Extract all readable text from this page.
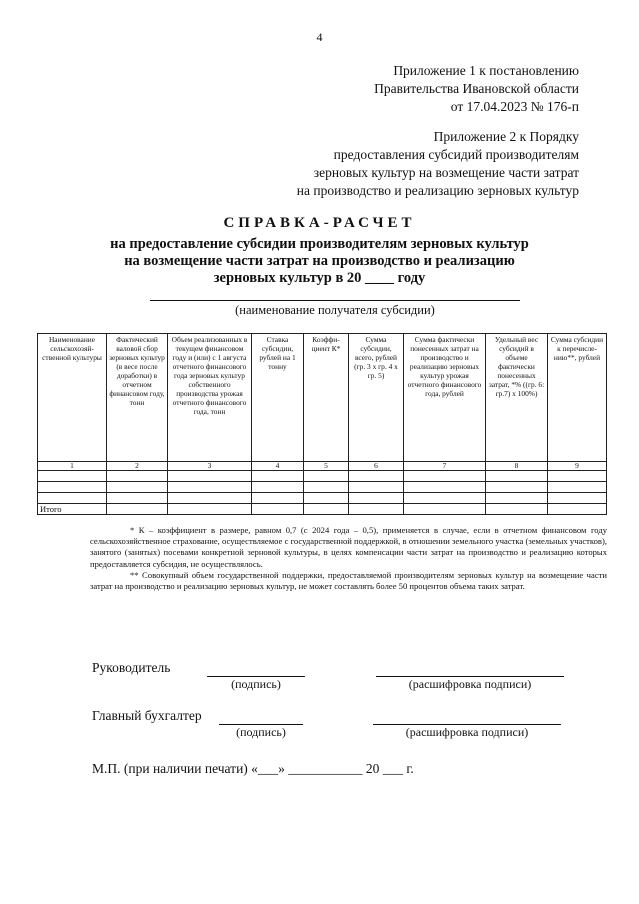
4
Приложение 1 к постановлению
Правительства Ивановской области
от 17.04.2023 № 176-п
Приложение 2 к Порядку
предоставления субсидий производителям
зерновых культур на возмещение части затрат
на производство и реализацию зерновых культур
СПРАВКА-РАСЧЕТ
на предоставление субсидии производителям зерновых культур
на возмещение части затрат на производство и реализацию
зерновых культур в 20 ____ году
(наименование получателя субсидии)
Наименование сельскохозяй-ственной культуры	Фактический валовой сбор зерновых культур (в весе после доработки) в отчетном финансовом году, тонн	Объем реализованных в текущем финансовом году и (или) с 1 августа отчетного финансового года зерновых культур собственного производства урожая отчетного финансового года, тонн	Ставка субсидии, рублей на 1 тонну	Коэффи-циент К*	Сумма субсидии, всего, рублей (гр. 3 x гр. 4 x гр. 5)	Сумма фактически понесенных затрат на производство и реализацию зерновых культур урожая отчетного финансового года, рублей	Удельный вес субсидий в объеме фактически понесенных затрат, *% ((гр. 6: гр.7) x 100%)	Сумма субсидии к перечисле-нию**, рублей
1	2	3	4	5	6	7	8	9

Итого								

* К – коэффициент в размере, равном 0,7 (с 2024 года – 0,5), применяется в случае, если в отчетном финансовом году сельскохозяйственное страхование, осуществляемое с государственной поддержкой, в отношении земельного участка (земельных участков), занятого (занятых) посевами конкретной зерновой культуры, в целях компенсации части затрат на производство и реализацию которых предоставляется субсидия, не осуществлялось.

** Совокупный объем государственной поддержки, предоставляемой производителям зерновых культур на возмещение части затрат на производство и реализацию зерновых культур, не может составлять более 50 процентов объема таких затрат.

Руководитель
(подпись)	(расшифровка подписи)
Главный бухгалтер
(подпись)	(расшифровка подписи)
М.П. (при наличии печати) «___» ___________ 20 ___ г.
